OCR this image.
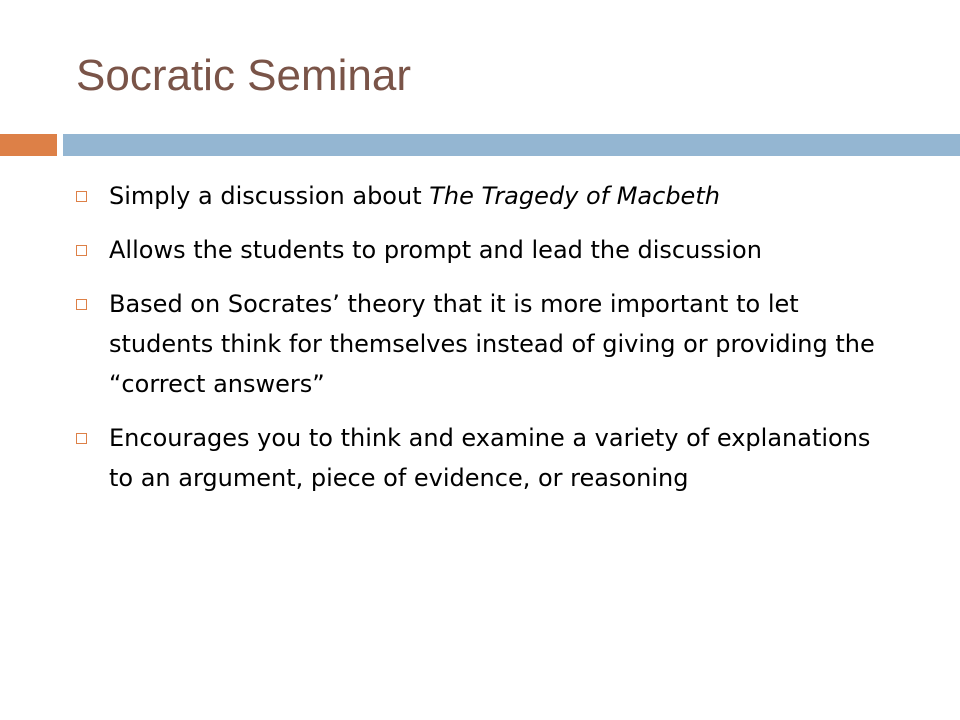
Socratic Seminar
Simply a discussion about The Tragedy of Macbeth
Allows the students to prompt and lead the discussion
Based on Socrates’ theory that it is more important to let students think for themselves instead of giving or providing the “correct answers”
Encourages you to think and examine a variety of explanations to an argument, piece of evidence, or reasoning
